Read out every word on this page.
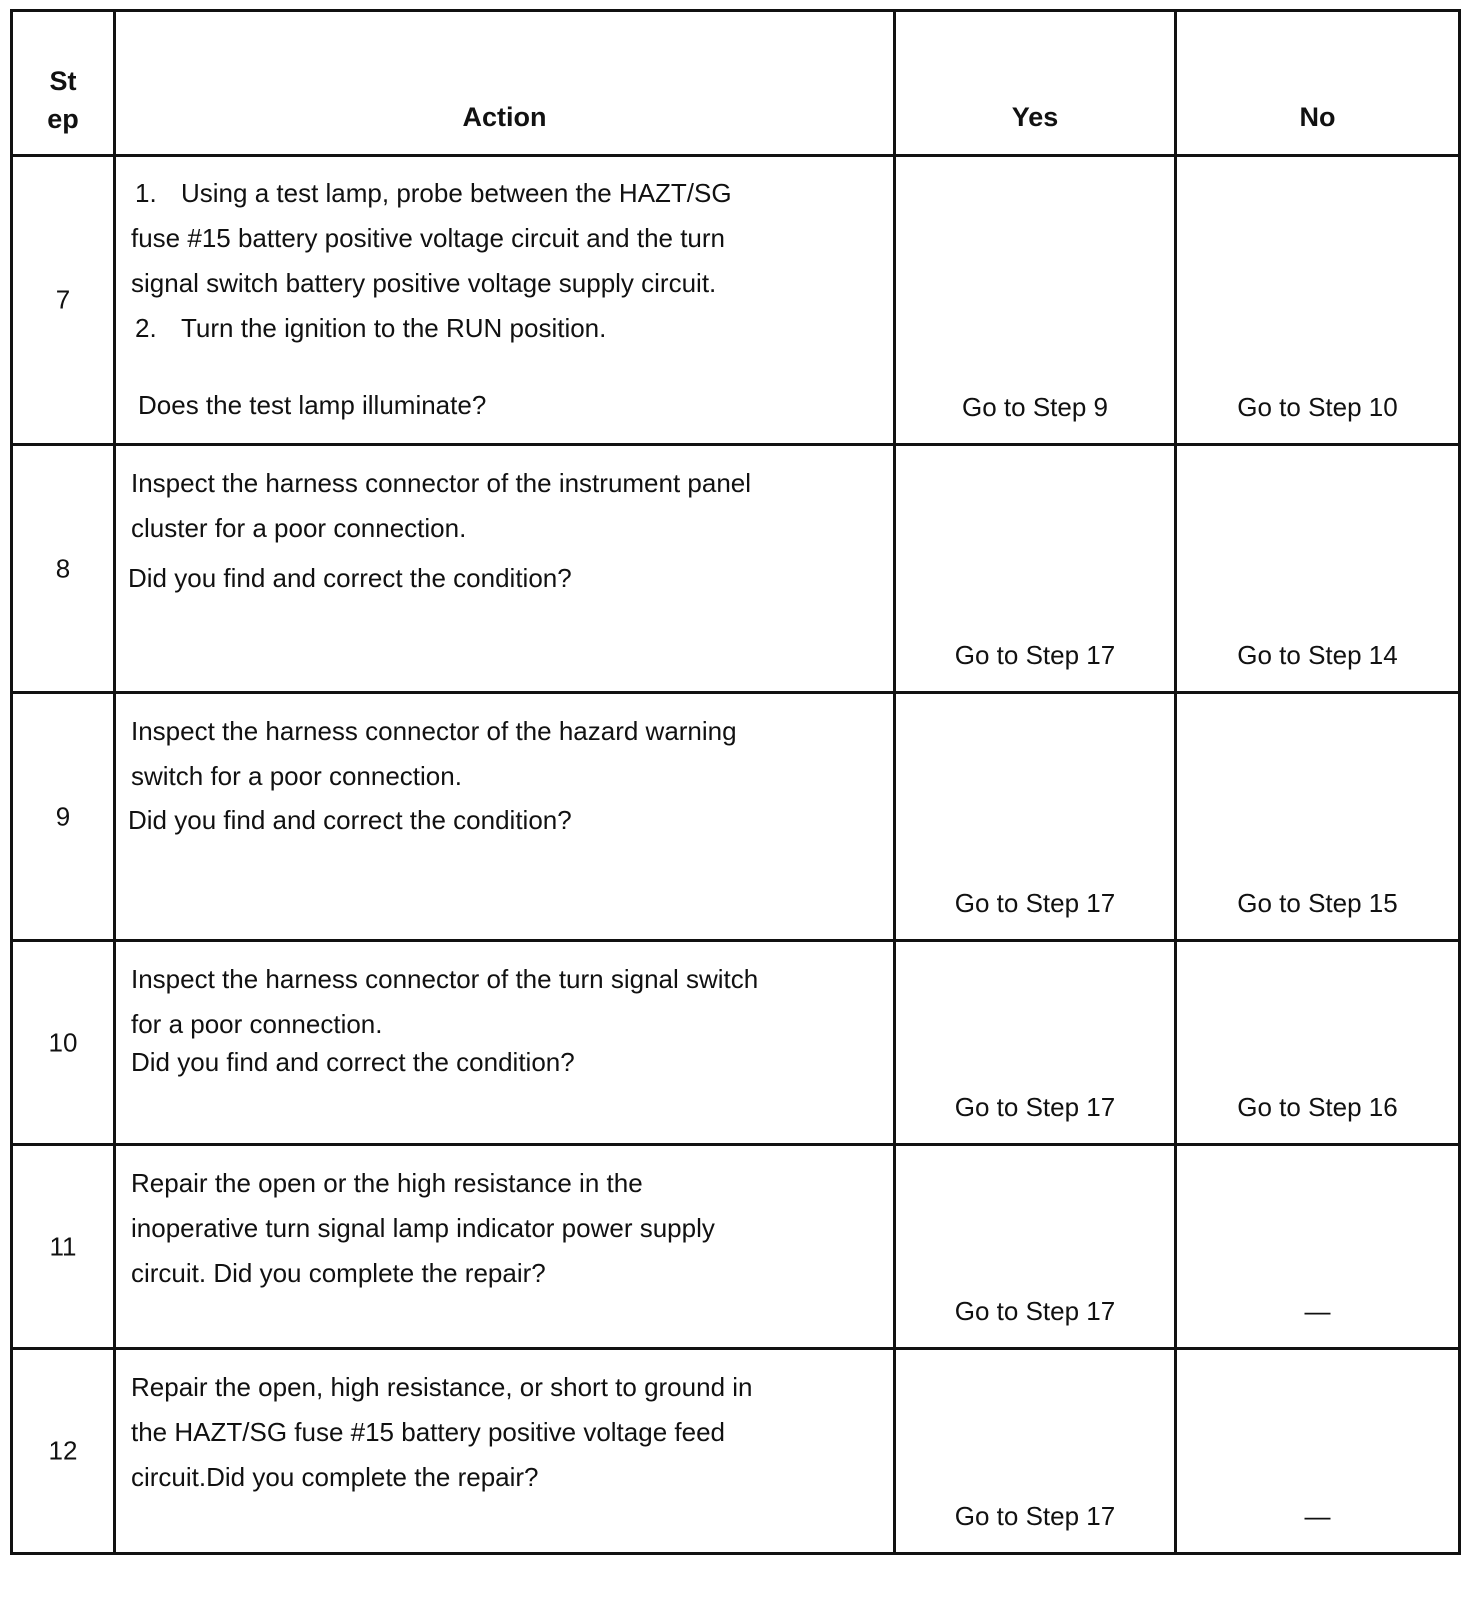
St
ep	Action	Yes	No

7	1. Using a test lamp, probe between the HAZT/SG
fuse #15 battery positive voltage circuit and the turn
signal switch battery positive voltage supply circuit.
2. Turn the ignition to the RUN position.
Does the test lamp illuminate?	Go to Step 9	Go to Step 10

8	Inspect the harness connector of the instrument panel
cluster for a poor connection.
Did you find and correct the condition?	Go to Step 17	Go to Step 14

9	Inspect the harness connector of the hazard warning
switch for a poor connection.
Did you find and correct the condition?	Go to Step 17	Go to Step 15

10	Inspect the harness connector of the turn signal switch
for a poor connection.
Did you find and correct the condition?	Go to Step 17	Go to Step 16

11	Repair the open or the high resistance in the
inoperative turn signal lamp indicator power supply
circuit. Did you complete the repair?	Go to Step 17	—

12	Repair the open, high resistance, or short to ground in
the HAZT/SG fuse #15 battery positive voltage feed
circuit.Did you complete the repair?	Go to Step 17	—
